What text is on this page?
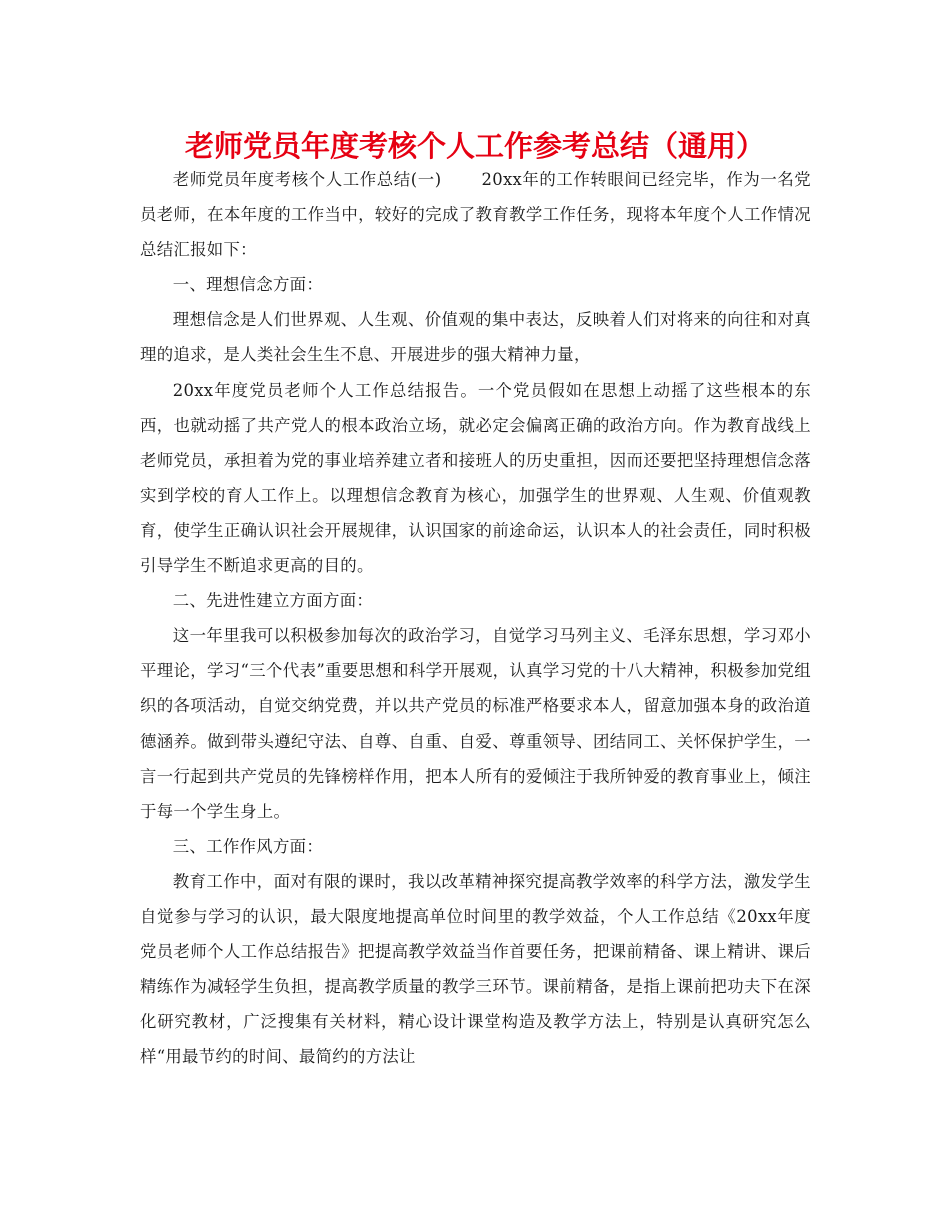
老师党员年度考核个人工作参考总结（通用）

老师党员年度考核个人工作总结(一)　　 20xx年的工作转眼间已经完毕，作为一名党员老师，在本年度的工作当中，较好的完成了教育教学工作任务，现将本年度个人工作情况总结汇报如下：

一、理想信念方面：

理想信念是人们世界观、人生观、价值观的集中表达，反映着人们对将来的向往和对真理的追求，是人类社会生生不息、开展进步的强大精神力量，

20xx年度党员老师个人工作总结报告。一个党员假如在思想上动摇了这些根本的东西，也就动摇了共产党人的根本政治立场，就必定会偏离正确的政治方向。作为教育战线上老师党员，承担着为党的事业培养建立者和接班人的历史重担，因而还要把坚持理想信念落实到学校的育人工作上。以理想信念教育为核心，加强学生的世界观、人生观、价值观教育，使学生正确认识社会开展规律，认识国家的前途命运，认识本人的社会责任，同时积极引导学生不断追求更高的目的。

二、先进性建立方面方面：

这一年里我可以积极参加每次的政治学习，自觉学习马列主义、毛泽东思想，学习邓小平理论，学习“三个代表”重要思想和科学开展观，认真学习党的十八大精神，积极参加党组织的各项活动，自觉交纳党费，并以共产党员的标准严格要求本人，留意加强本身的政治道德涵养。做到带头遵纪守法、自尊、自重、自爱、尊重领导、团结同工、关怀保护学生，一言一行起到共产党员的先锋榜样作用，把本人所有的爱倾注于我所钟爱的教育事业上，倾注于每一个学生身上。

三、工作作风方面：

教育工作中，面对有限的课时，我以改革精神探究提高教学效率的科学方法，激发学生自觉参与学习的认识，最大限度地提高单位时间里的教学效益，个人工作总结《20xx年度党员老师个人工作总结报告》把提高教学效益当作首要任务，把课前精备、课上精讲、课后精练作为减轻学生负担，提高教学质量的教学三环节。课前精备，是指上课前把功夫下在深化研究教材，广泛搜集有关材料，精心设计课堂构造及教学方法上，特别是认真研究怎么样“用最节约的时间、最简约的方法让
